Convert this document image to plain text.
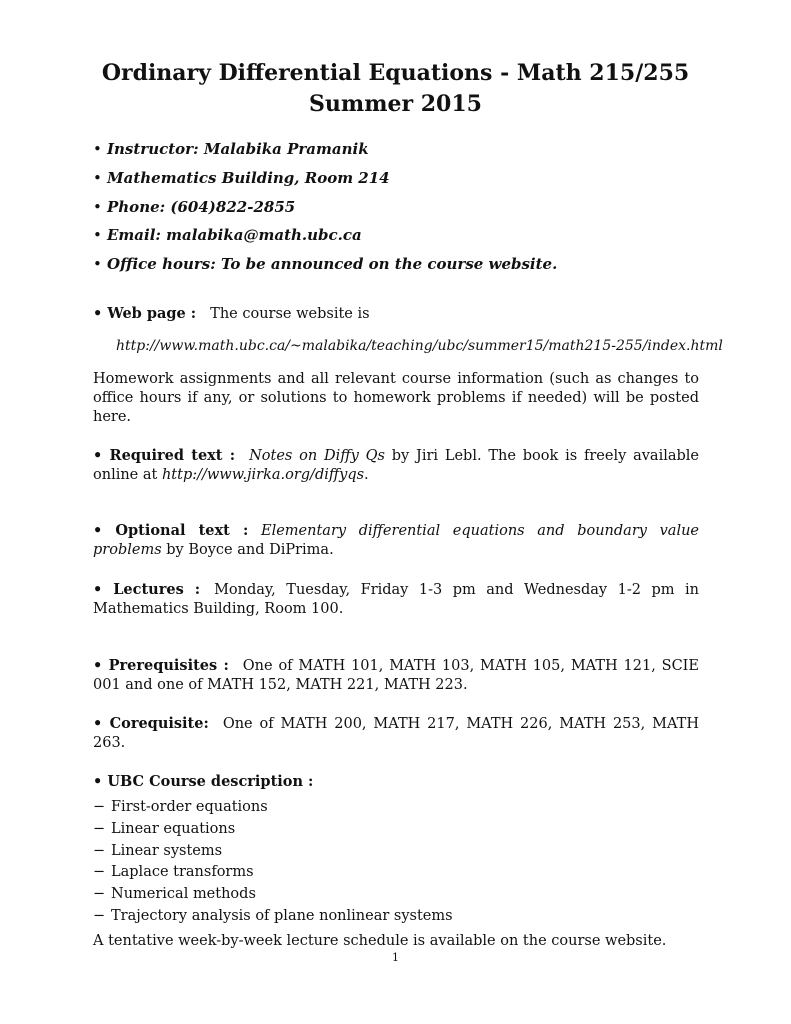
Ordinary Differential Equations - Math 215/255
Summer 2015
• Instructor: Malabika Pramanik
• Mathematics Building, Room 214
• Phone: (604)822-2855
• Email: malabika@math.ubc.ca
• Office hours: To be announced on the course website.
• Web page : The course website is
http://www.math.ubc.ca/~malabika/teaching/ubc/summer15/math215-255/index.html
Homework assignments and all relevant course information (such as changes to office hours if any, or solutions to homework problems if needed) will be posted here.
• Required text : Notes on Diffy Qs by Jiri Lebl. The book is freely available online at http://www.jirka.org/diffyqs.
• Optional text : Elementary differential equations and boundary value problems by Boyce and DiPrima.
• Lectures : Monday, Tuesday, Friday 1-3 pm and Wednesday 1-2 pm in Mathematics Building, Room 100.
• Prerequisites : One of MATH 101, MATH 103, MATH 105, MATH 121, SCIE 001 and one of MATH 152, MATH 221, MATH 223.
• Corequisite: One of MATH 200, MATH 217, MATH 226, MATH 253, MATH 263.
• UBC Course description :
− First-order equations
− Linear equations
− Linear systems
− Laplace transforms
− Numerical methods
− Trajectory analysis of plane nonlinear systems
A tentative week-by-week lecture schedule is available on the course website.
1
